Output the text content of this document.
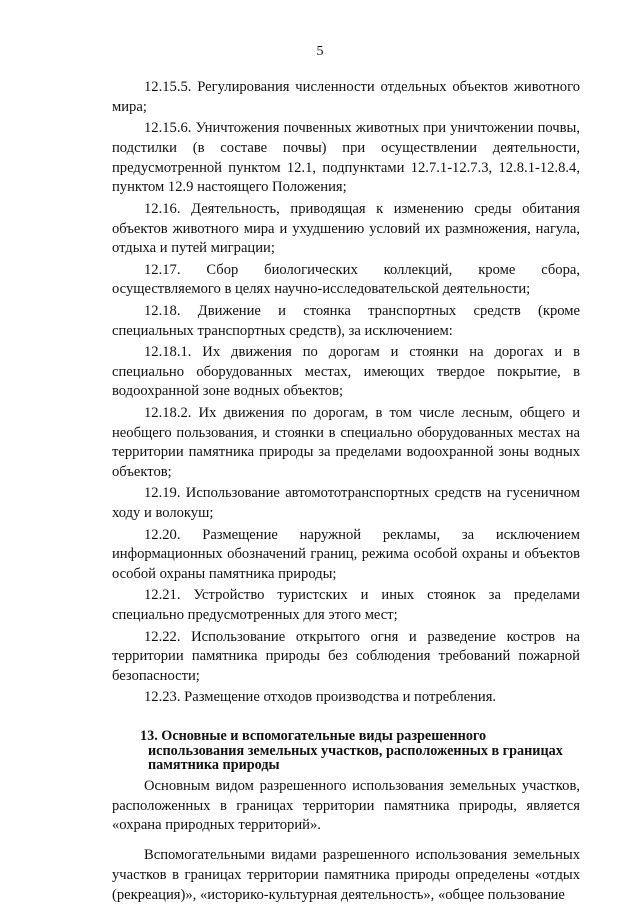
5

12.15.5. Регулирования численности отдельных объектов животного мира;

12.15.6. Уничтожения почвенных животных при уничтожении почвы, подстилки (в составе почвы) при осуществлении деятельности, предусмотренной пунктом 12.1, подпунктами 12.7.1-12.7.3, 12.8.1-12.8.4, пунктом 12.9 настоящего Положения;

12.16. Деятельность, приводящая к изменению среды обитания объектов животного мира и ухудшению условий их размножения, нагула, отдыха и путей миграции;

12.17. Сбор биологических коллекций, кроме сбора, осуществляемого в целях научно-исследовательской деятельности;

12.18. Движение и стоянка транспортных средств (кроме специальных транспортных средств), за исключением:

12.18.1. Их движения по дорогам и стоянки на дорогах и в специально оборудованных местах, имеющих твердое покрытие, в водоохранной зоне водных объектов;

12.18.2. Их движения по дорогам, в том числе лесным, общего и необщего пользования, и стоянки в специально оборудованных местах на территории памятника природы за пределами водоохранной зоны водных объектов;

12.19. Использование автомототранспортных средств на гусеничном ходу и волокуш;

12.20. Размещение наружной рекламы, за исключением информационных обозначений границ, режима особой охраны и объектов особой охраны памятника природы;

12.21. Устройство туристских и иных стоянок за пределами специально предусмотренных для этого мест;

12.22. Использование открытого огня и разведение костров на территории памятника природы без соблюдения требований пожарной безопасности;

12.23. Размещение отходов производства и потребления.

13. Основные и вспомогательные виды разрешенного использования земельных участков, расположенных в границах памятника природы

Основным видом разрешенного использования земельных участков, расположенных в границах территории памятника природы, является «охрана природных территорий».

Вспомогательными видами разрешенного использования земельных участков в границах территории памятника природы определены «отдых (рекреация)», «историко-культурная деятельность», «общее пользование
